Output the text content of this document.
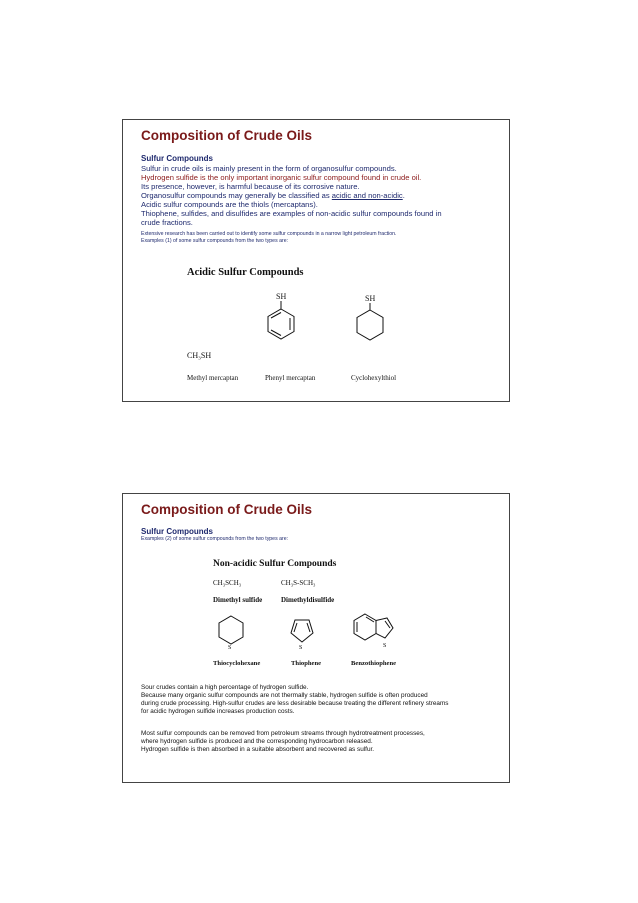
Composition of Crude Oils
Sulfur Compounds
Sulfur in crude oils is mainly present in the form of organosulfur compounds.
Hydrogen sulfide is the only important inorganic sulfur compound found in crude oil.
Its presence, however, is harmful because of its corrosive nature.
Organosulfur compounds may generally be classified as acidic and non-acidic.
Acidic sulfur compounds are the thiols (mercaptans).
Thiophene, sulfides, and disulfides are examples of non-acidic sulfur compounds found in
crude fractions.
Extensive research has been carried out to identify some sulfur compounds in a narrow light petroleum fraction.
Examples (1) of some sulfur compounds from the two types are:
Acidic Sulfur Compounds
CH₃SH
SH	SH
Methyl mercaptan	Phenyl mercaptan	Cyclohexylthiol
Composition of Crude Oils
Sulfur Compounds
Examples (2) of some sulfur compounds from the two types are:
Non-acidic Sulfur Compounds
CH₃SCH₃	CH₃S-SCH₃
Dimethyl sulfide	Dimethyldisulfide
S	S	S
Thiocyclohexane	Thiophene	Benzothiophene
Sour crudes contain a high percentage of hydrogen sulfide.
Because many organic sulfur compounds are not thermally stable, hydrogen sulfide is often produced
during crude processing. High-sulfur crudes are less desirable because treating the different refinery streams
for acidic hydrogen sulfide increases production costs.
Most sulfur compounds can be removed from petroleum streams through hydrotreatment processes,
where hydrogen sulfide is produced and the corresponding hydrocarbon released.
Hydrogen sulfide is then absorbed in a suitable absorbent and recovered as sulfur.
